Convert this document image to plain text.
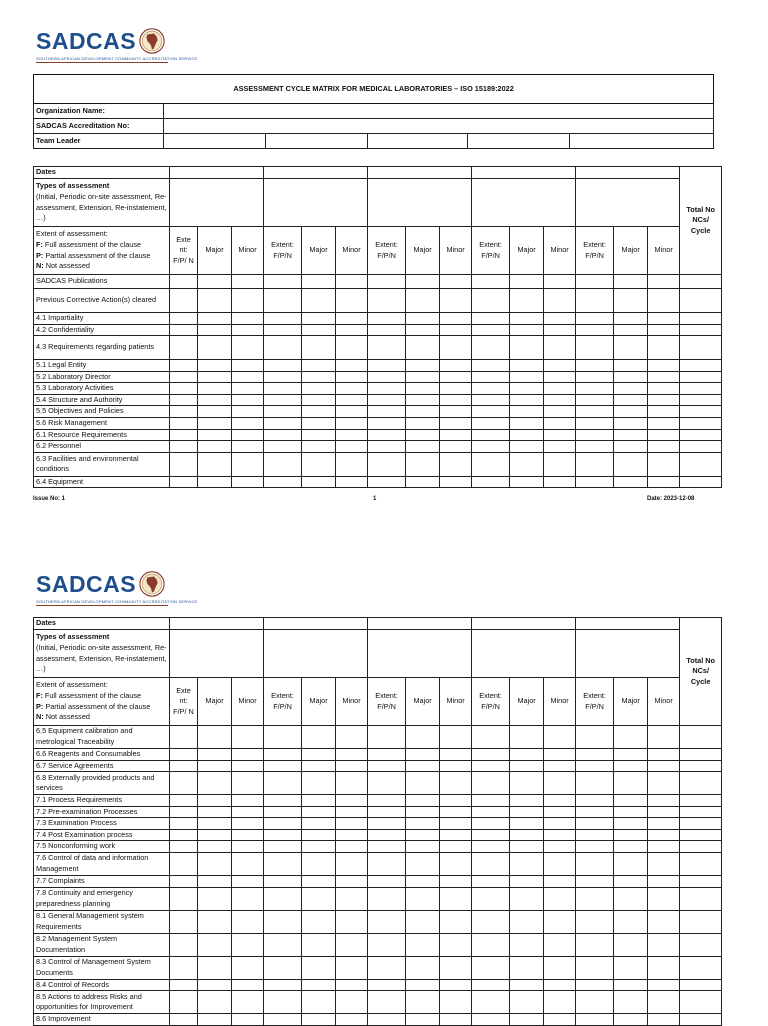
SADCAS
SOUTHERN AFRICAN DEVELOPMENT COMMUNITY ACCREDITATION SERVICE
ASSESSMENT CYCLE MATRIX FOR MEDICAL LABORATORIES – ISO 15189:2022					
Organization Name:					
SADCAS Accreditation No:					
Team Leader					
Dates																Total No NCs/ Cycle

Types of assessment
(Initial, Periodic on-site assessment, Re-assessment, Extension, Re-instatement, …)																

Extent of assessment:
F: Full assessment of the clause
P: Partial assessment of the clause
N: Not assessed	Exte nt: F/P/ N	Major	Minor	Extent: F/P/N	Major	Minor	Extent: F/P/N	Major	Minor	Extent: F/P/N	Major	Minor	Extent: F/P/N	Major	Minor	
SADCAS Publications																
Previous Corrective Action(s) cleared																
4.1 Impartiality																
4.2 Confidentiality																
4.3 Requirements regarding patients																
5.1 Legal Entity																
5.2 Laboratory Director																
5.3 Laboratory Activities																
5.4 Structure and Authority																
5.5 Objectives and Policies																
5.6 Risk Management																
6.1 Resource Requirements																
6.2 Personnel																
6.3 Facilities and environmental conditions																
6.4 Equipment																
Issue No: 1	1	Date: 2023-12-08
SADCAS
SOUTHERN AFRICAN DEVELOPMENT COMMUNITY ACCREDITATION SERVICE
Dates																Total No NCs/ Cycle

Types of assessment
(Initial, Periodic on-site assessment, Re-assessment, Extension, Re-instatement, …)																

Extent of assessment:
F: Full assessment of the clause
P: Partial assessment of the clause
N: Not assessed	Exte nt: F/P/ N	Major	Minor	Extent: F/P/N	Major	Minor	Extent: F/P/N	Major	Minor	Extent: F/P/N	Major	Minor	Extent: F/P/N	Major	Minor	
6.5 Equipment calibration and metrological Traceability																
6.6 Reagents and Consumables																
6.7 Service Agreements																
6.8 Externally provided products and services																
7.1 Process Requirements																
7.2 Pre-examination Processes																
7.3 Examination Process																
7.4 Post Examination process																
7.5 Nonconforming work																
7.6 Control of data and information Management																
7.7 Complaints																
7.8 Continuity and emergency preparedness planning																
8.1 General Management system Requirements																
8.2 Management System Documentation																
8.3 Control of Management System Documents																
8.4 Control of Records																
8.5 Actions to address Risks and opportunities for Improvement																
8.6 Improvement																
